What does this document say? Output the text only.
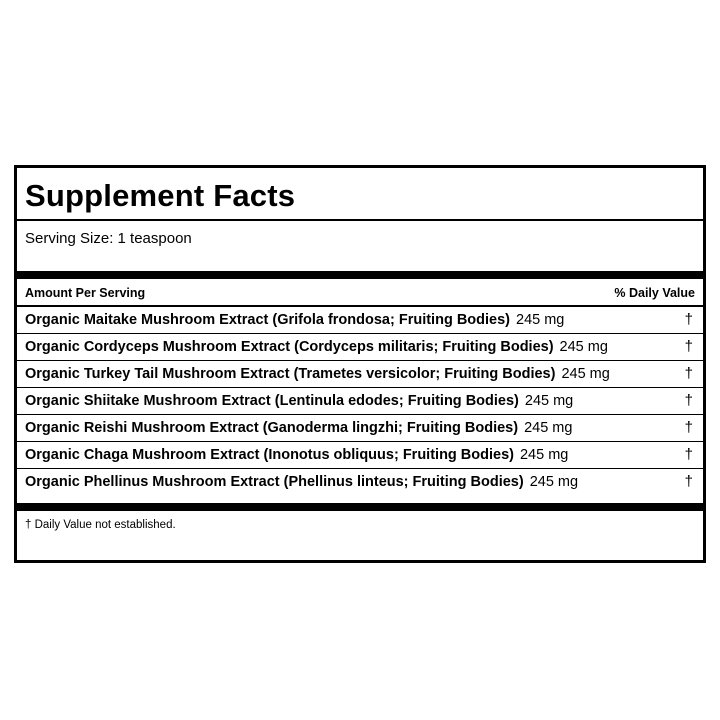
Supplement Facts
Serving Size: 1 teaspoon
Amount Per Serving	% Daily Value
Organic Maitake Mushroom Extract (Grifola frondosa; Fruiting Bodies) 245 mg	†
Organic Cordyceps Mushroom Extract (Cordyceps militaris; Fruiting Bodies) 245 mg	†
Organic Turkey Tail Mushroom Extract (Trametes versicolor; Fruiting Bodies) 245 mg	†
Organic Shiitake Mushroom Extract (Lentinula edodes; Fruiting Bodies) 245 mg	†
Organic Reishi Mushroom Extract (Ganoderma lingzhi; Fruiting Bodies) 245 mg	†
Organic Chaga Mushroom Extract (Inonotus obliquus; Fruiting Bodies) 245 mg	†
Organic Phellinus Mushroom Extract (Phellinus linteus; Fruiting Bodies) 245 mg	†
† Daily Value not established.
